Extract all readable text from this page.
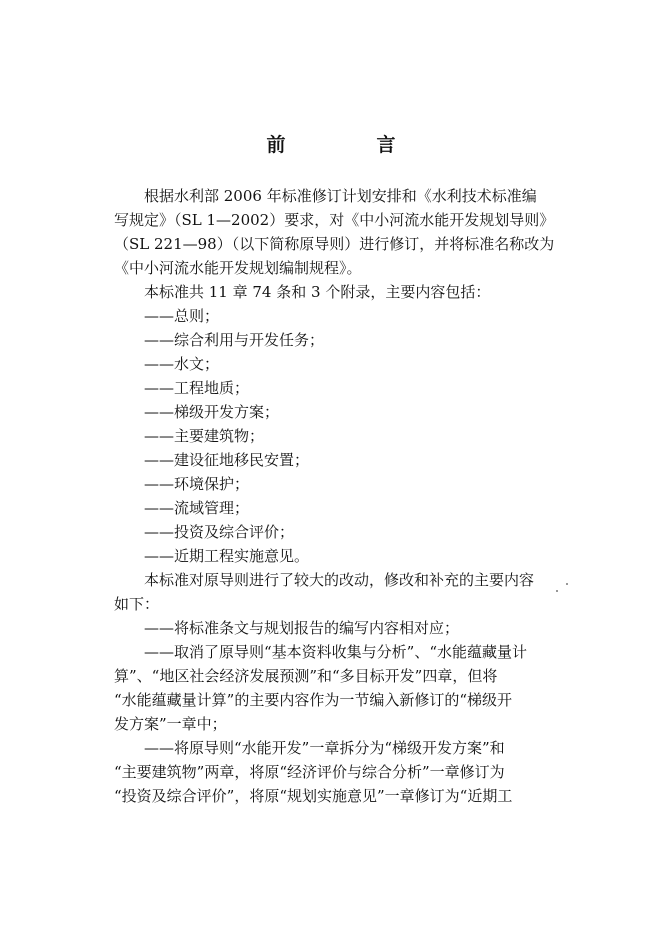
前　言
根据水利部 2006 年标准修订计划安排和《水利技术标准编
写规定》（SL 1—2002）要求，对《中小河流水能开发规划导则》
（SL 221—98）（以下简称原导则）进行修订，并将标准名称改为
《中小河流水能开发规划编制规程》。
本标准共 11 章 74 条和 3 个附录，主要内容包括：
——总则；
——综合利用与开发任务；
——水文；
——工程地质；
——梯级开发方案；
——主要建筑物；
——建设征地移民安置；
——环境保护；
——流域管理；
——投资及综合评价；
——近期工程实施意见。
本标准对原导则进行了较大的改动，修改和补充的主要内容
如下：
——将标准条文与规划报告的编写内容相对应；
——取消了原导则“基本资料收集与分析”、“水能蕴藏量计
算”、“地区社会经济发展预测”和“多目标开发”四章，但将
“水能蕴藏量计算”的主要内容作为一节编入新修订的“梯级开
发方案”一章中；
——将原导则“水能开发”一章拆分为“梯级开发方案”和
“主要建筑物”两章，将原“经济评价与综合分析”一章修订为
“投资及综合评价”，将原“规划实施意见”一章修订为“近期工
